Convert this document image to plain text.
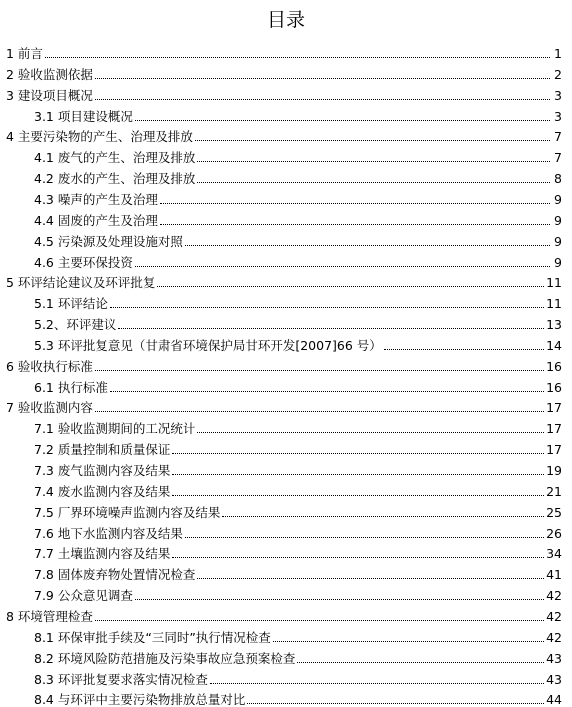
目录
1 前言	1
2 验收监测依据	2
3 建设项目概况	3
3.1 项目建设概况	3
4 主要污染物的产生、治理及排放	7
4.1 废气的产生、治理及排放	7
4.2 废水的产生、治理及排放	8
4.3 噪声的产生及治理	9
4.4 固废的产生及治理	9
4.5 污染源及处理设施对照	9
4.6 主要环保投资	9
5 环评结论建议及环评批复	11
5.1 环评结论	11
5.2、环评建议	13
5.3 环评批复意见（甘肃省环境保护局甘环开发[2007]66 号）	14
6 验收执行标准	16
6.1 执行标准	16
7 验收监测内容	17
7.1 验收监测期间的工况统计	17
7.2 质量控制和质量保证	17
7.3 废气监测内容及结果	19
7.4 废水监测内容及结果	21
7.5 厂界环境噪声监测内容及结果	25
7.6 地下水监测内容及结果	26
7.7 土壤监测内容及结果	34
7.8 固体废弃物处置情况检查	41
7.9 公众意见调查	42
8 环境管理检查	42
8.1 环保审批手续及“三同时”执行情况检查	42
8.2 环境风险防范措施及污染事故应急预案检查	43
8.3 环评批复要求落实情况检查	43
8.4 与环评中主要污染物排放总量对比	44
